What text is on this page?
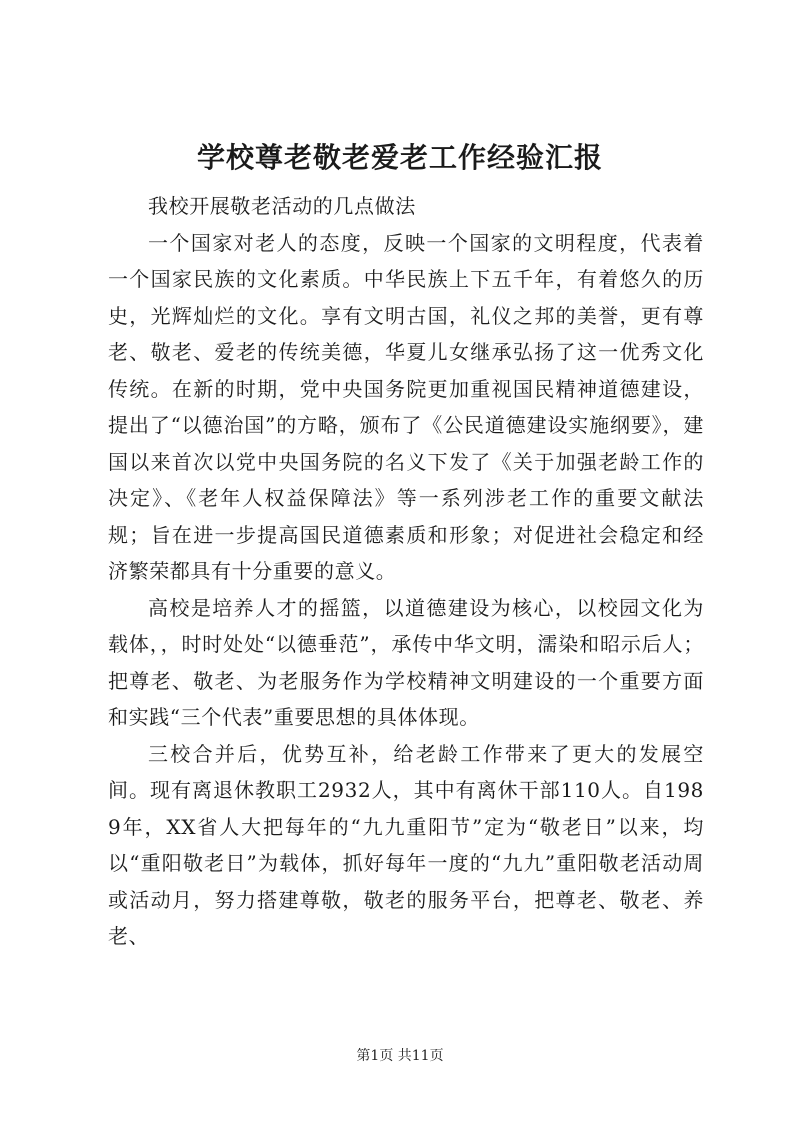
学校尊老敬老爱老工作经验汇报

我校开展敬老活动的几点做法

一个国家对老人的态度，反映一个国家的文明程度，代表着一个国家民族的文化素质。中华民族上下五千年，有着悠久的历史，光辉灿烂的文化。享有文明古国，礼仪之邦的美誉，更有尊老、敬老、爱老的传统美德，华夏儿女继承弘扬了这一优秀文化传统。在新的时期，党中央国务院更加重视国民精神道德建设，提出了“以德治国”的方略，颁布了《公民道德建设实施纲要》，建国以来首次以党中央国务院的名义下发了《关于加强老龄工作的决定》、《老年人权益保障法》等一系列涉老工作的重要文献法规；旨在进一步提高国民道德素质和形象；对促进社会稳定和经济繁荣都具有十分重要的意义。

高校是培养人才的摇篮，以道德建设为核心，以校园文化为载体，，时时处处“以德垂范”，承传中华文明，濡染和昭示后人；把尊老、敬老、为老服务作为学校精神文明建设的一个重要方面和实践“三个代表”重要思想的具体体现。

三校合并后，优势互补，给老龄工作带来了更大的发展空间。现有离退休教职工2932人，其中有离休干部110人。自1989年，XX省人大把每年的“九九重阳节”定为“敬老日”以来，均以“重阳敬老日”为载体，抓好每年一度的“九九”重阳敬老活动周或活动月，努力搭建尊敬，敬老的服务平台，把尊老、敬老、养老、

第1页 共11页
